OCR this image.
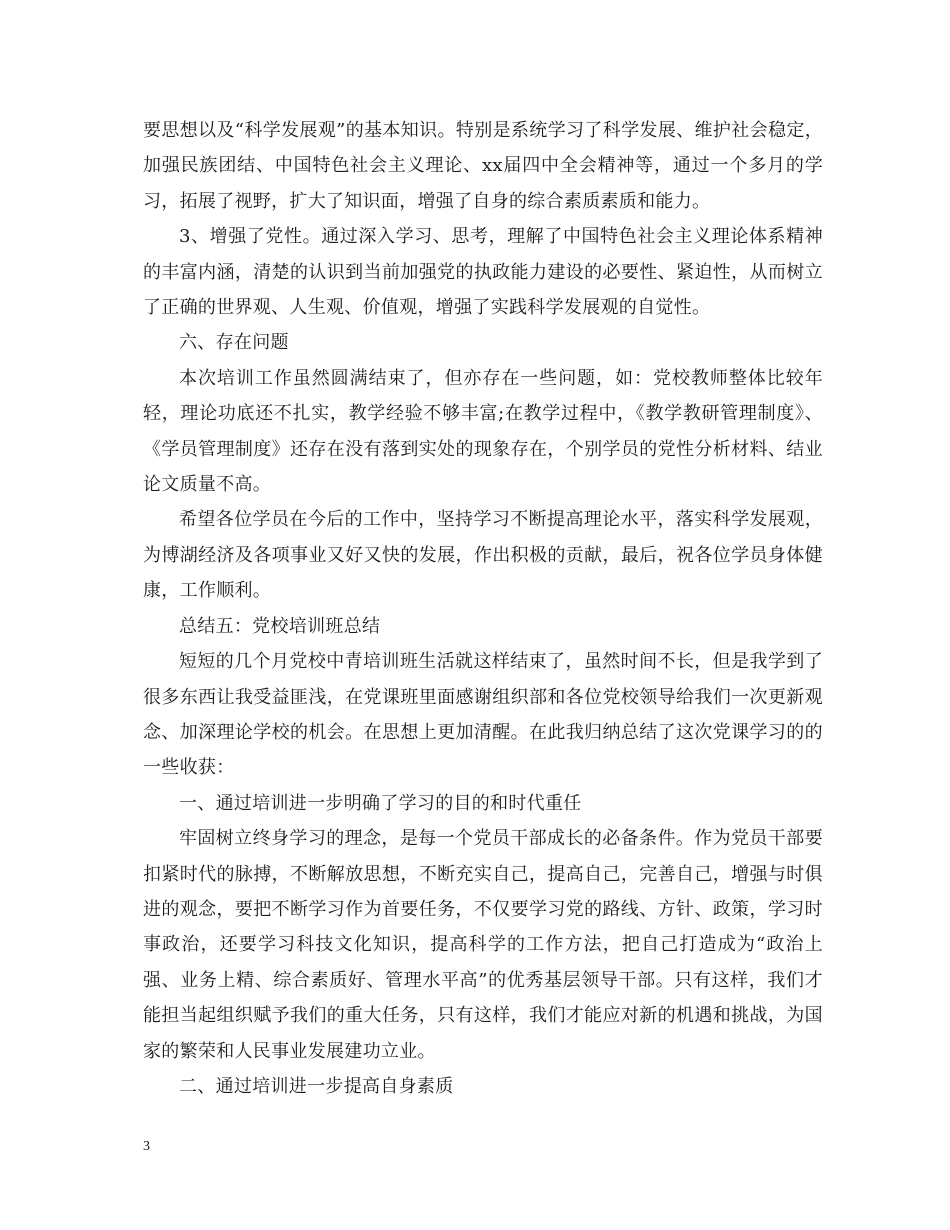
要思想以及“科学发展观”的基本知识。特别是系统学习了科学发展、维护社会稳定，加强民族团结、中国特色社会主义理论、xx届四中全会精神等，通过一个多月的学习，拓展了视野，扩大了知识面，增强了自身的综合素质素质和能力。

3、增强了党性。通过深入学习、思考，理解了中国特色社会主义理论体系精神的丰富内涵，清楚的认识到当前加强党的执政能力建设的必要性、紧迫性，从而树立了正确的世界观、人生观、价值观，增强了实践科学发展观的自觉性。

六、存在问题

本次培训工作虽然圆满结束了，但亦存在一些问题，如：党校教师整体比较年轻，理论功底还不扎实，教学经验不够丰富;在教学过程中，《教学教研管理制度》、《学员管理制度》还存在没有落到实处的现象存在，个别学员的党性分析材料、结业论文质量不高。

希望各位学员在今后的工作中，坚持学习不断提高理论水平，落实科学发展观，为博湖经济及各项事业又好又快的发展，作出积极的贡献，最后，祝各位学员身体健康，工作顺利。

总结五：党校培训班总结

短短的几个月党校中青培训班生活就这样结束了，虽然时间不长，但是我学到了很多东西让我受益匪浅，在党课班里面感谢组织部和各位党校领导给我们一次更新观念、加深理论学校的机会。在思想上更加清醒。在此我归纳总结了这次党课学习的的一些收获：

一、通过培训进一步明确了学习的目的和时代重任

牢固树立终身学习的理念，是每一个党员干部成长的必备条件。作为党员干部要扣紧时代的脉搏，不断解放思想，不断充实自己，提高自己，完善自己，增强与时俱进的观念，要把不断学习作为首要任务，不仅要学习党的路线、方针、政策，学习时事政治，还要学习科技文化知识，提高科学的工作方法，把自己打造成为“政治上强、业务上精、综合素质好、管理水平高”的优秀基层领导干部。只有这样，我们才能担当起组织赋予我们的重大任务，只有这样，我们才能应对新的机遇和挑战，为国家的繁荣和人民事业发展建功立业。

二、通过培训进一步提高自身素质

3
